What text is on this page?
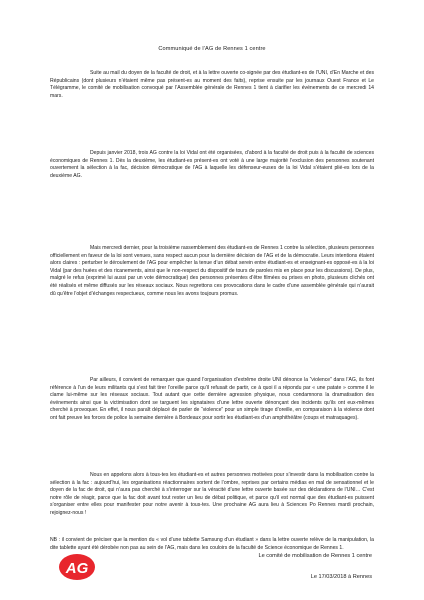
Communiqué de l’AG de Rennes 1 centre

Suite au mail du doyen de la faculté de droit, et à la lettre ouverte co-signée par des étudiant-es de l’UNI, d’En Marche et des Républicains (dont plusieurs n’étaient même pas présent-es au moment des faits), reprise ensuite par les journaux Ouest France et Le Télégramme, le comité de mobilisation convoqué par l’Assemblée générale de Rennes 1 tient à clarifier les événements de ce mercredi 14 mars.

Depuis janvier 2018, trois AG contre la loi Vidal ont été organisées, d’abord à la faculté de droit puis à la faculté de sciences économiques de Rennes 1. Dès la deuxième, les étudiant-es présent-es ont voté à une large majorité l’exclusion des personnes soutenant ouvertement la sélection à la fac, décision démocratique de l’AG à laquelle les défenseur-euses de la loi Vidal s’étaient plié-es lors de la deuxième AG.

Mais mercredi dernier, pour la troisième rassemblement des étudiant-es de Rennes 1 contre la sélection, plusieurs personnes officiellement en faveur de la loi sont venues, sans respect aucun pour la dernière décision de l’AG et de la démocratie. Leurs intentions étaient alors claires : perturber le déroulement de l’AG pour empêcher la tenue d’un débat serein entre étudiant-es et enseignant-es opposé-es à la loi Vidal (par des huées et des ricanements, ainsi que le non-respect du dispositif de tours de paroles mis en place pour les discussions). De plus, malgré le refus (exprimé lui aussi par un vote démocratique) des personnes présentes d’être filmées ou prises en photo, plusieurs clichés ont été réalisés et même diffusés sur les réseaux sociaux. Nous regrettons ces provocations dans le cadre d’une assemblée générale qui n’aurait dû qu’être l’objet d’échanges respectueux, comme nous les avons toujours promus.

Par ailleurs, il convient de remarquer que quand l’organisation d’extrême droite UNI dénonce la “violence” dans l’AG, ils font référence à l’un de leurs militants qui s’est fait tirer l’oreille parce qu’il refusait de partir, ce à quoi il a répondu par « une patate » comme il le clame lui-même sur les réseaux sociaux. Tout autant que cette dernière agression physique, nous condamnons la dramatisation des événements ainsi que la victimisation dont se targuent les signataires d’une lettre ouverte dénonçant des incidents qu’ils ont eux-mêmes cherché à provoquer. En effet, il nous paraît déplacé de parler de “violence” pour un simple tirage d’oreille, en comparaison à la violence dont ont fait preuve les forces de police la semaine dernière à Bordeaux pour sortir les étudiant-es d’un amphithéâtre (coups et matraquages).

Nous en appelons alors à tous-tes les étudiant-es et autres personnes motivées pour s’investir dans la mobilisation contre la sélection à la fac : aujourd’hui, les organisations réactionnaires sortent de l’ombre, reprises par certains médias en mal de sensationnel et le doyen de la fac de droit, qui n’aura pas cherché à s’interroger sur la véracité d’une lettre ouverte basée sur des déclarations de l’UNI… C’est notre rôle de réagir, parce que la fac doit avant tout rester un lieu de débat politique, et parce qu’il est normal que des étudiant-es puissent s’organiser entre elles pour manifester pour notre avenir à tous-tes. Une prochaine AG aura lieu à Sciences Po Rennes mardi prochain, rejoignez-nous !

NB : il convient de préciser que la mention du « vol d’une tablette Samsung d’un étudiant » dans la lettre ouverte relève de la manipulation, la dite tablette ayant été dérobée non pas au sein de l’AG, mais dans les couloirs de la faculté de Science économique de Rennes 1.

AG
Le comité de mobilisation de Rennes 1 centre
Le 17/03/2018 à Rennes
